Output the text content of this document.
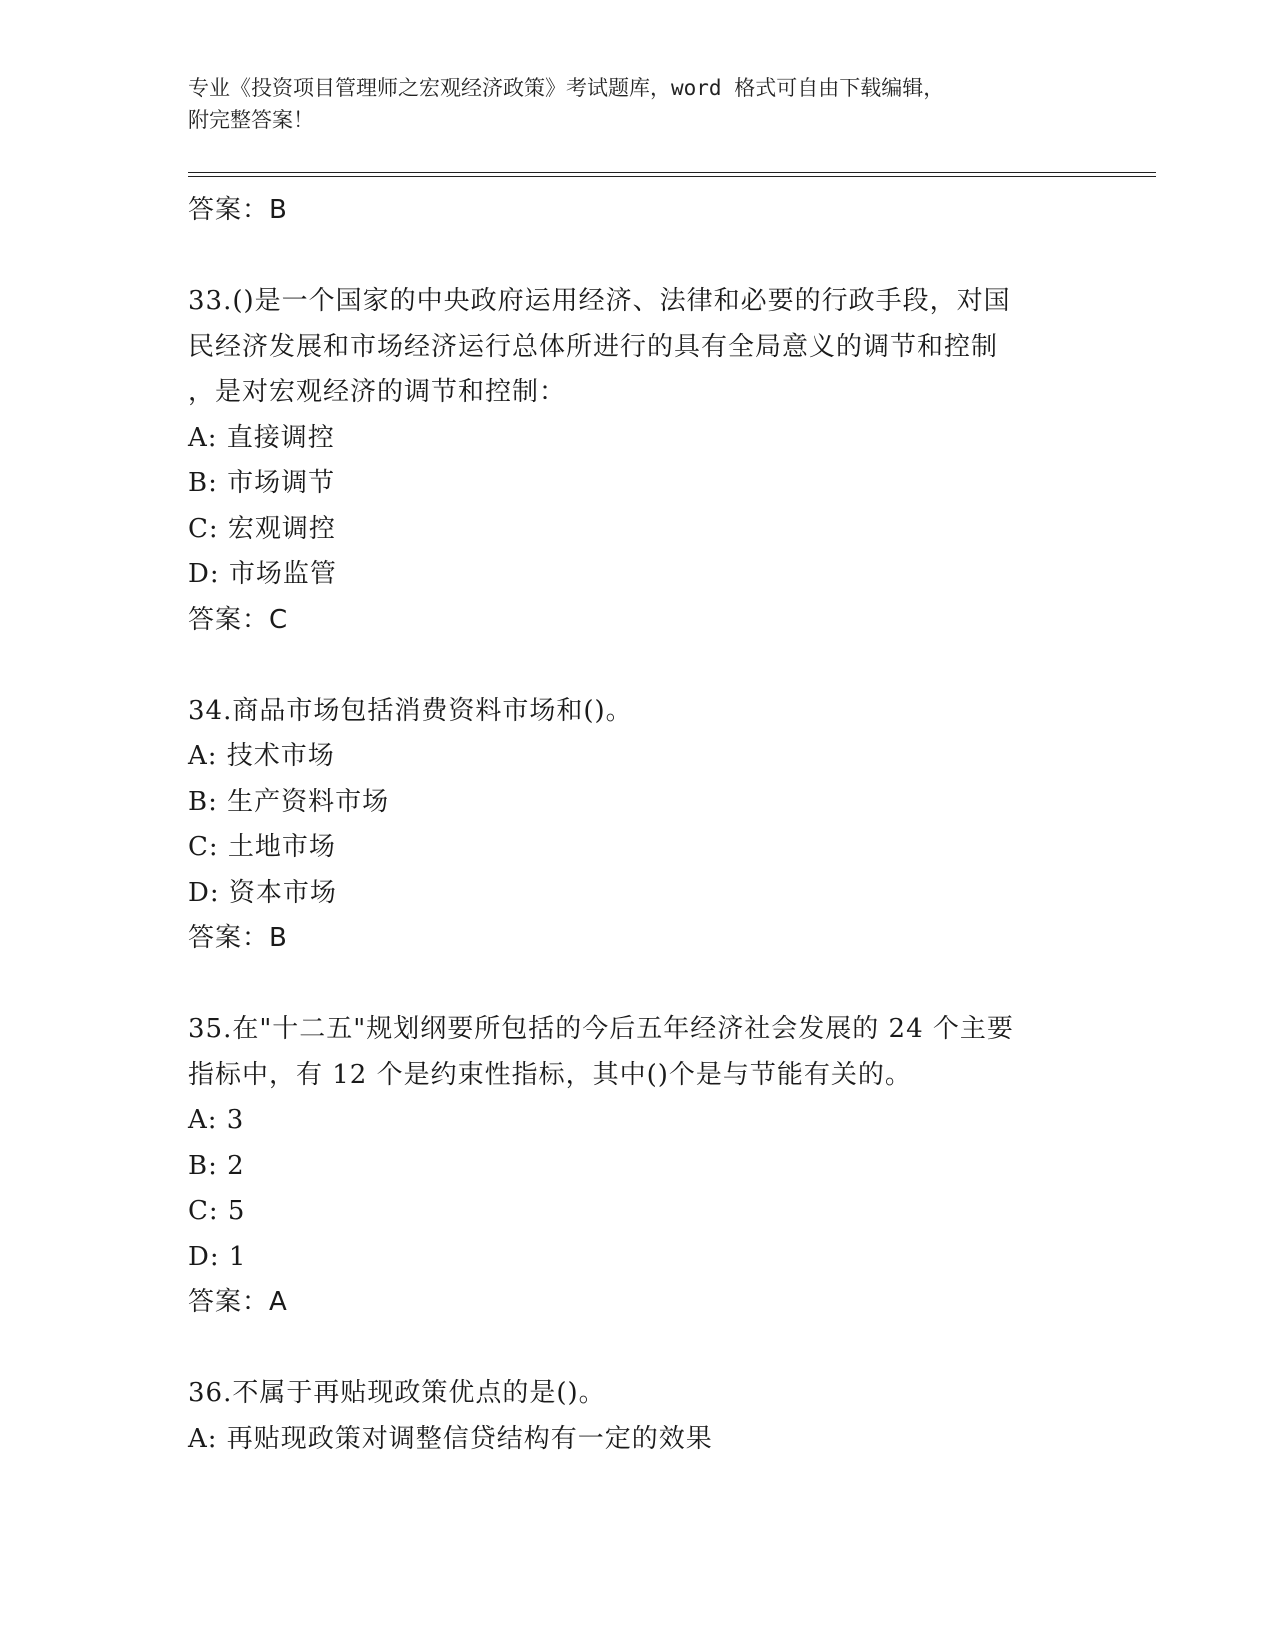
专业《投资项目管理师之宏观经济政策》考试题库，word 格式可自由下载编辑，
附完整答案！
答案：B
33.()是一个国家的中央政府运用经济、法律和必要的行政手段，对国
民经济发展和市场经济运行总体所进行的具有全局意义的调节和控制
，是对宏观经济的调节和控制：
A: 直接调控
B: 市场调节
C: 宏观调控
D: 市场监管
答案：C
34.商品市场包括消费资料市场和()。
A: 技术市场
B: 生产资料市场
C: 土地市场
D: 资本市场
答案：B
35.在"十二五"规划纲要所包括的今后五年经济社会发展的 24 个主要
指标中，有 12 个是约束性指标，其中()个是与节能有关的。
A: 3
B: 2
C: 5
D: 1
答案：A
36.不属于再贴现政策优点的是()。
A: 再贴现政策对调整信贷结构有一定的效果
